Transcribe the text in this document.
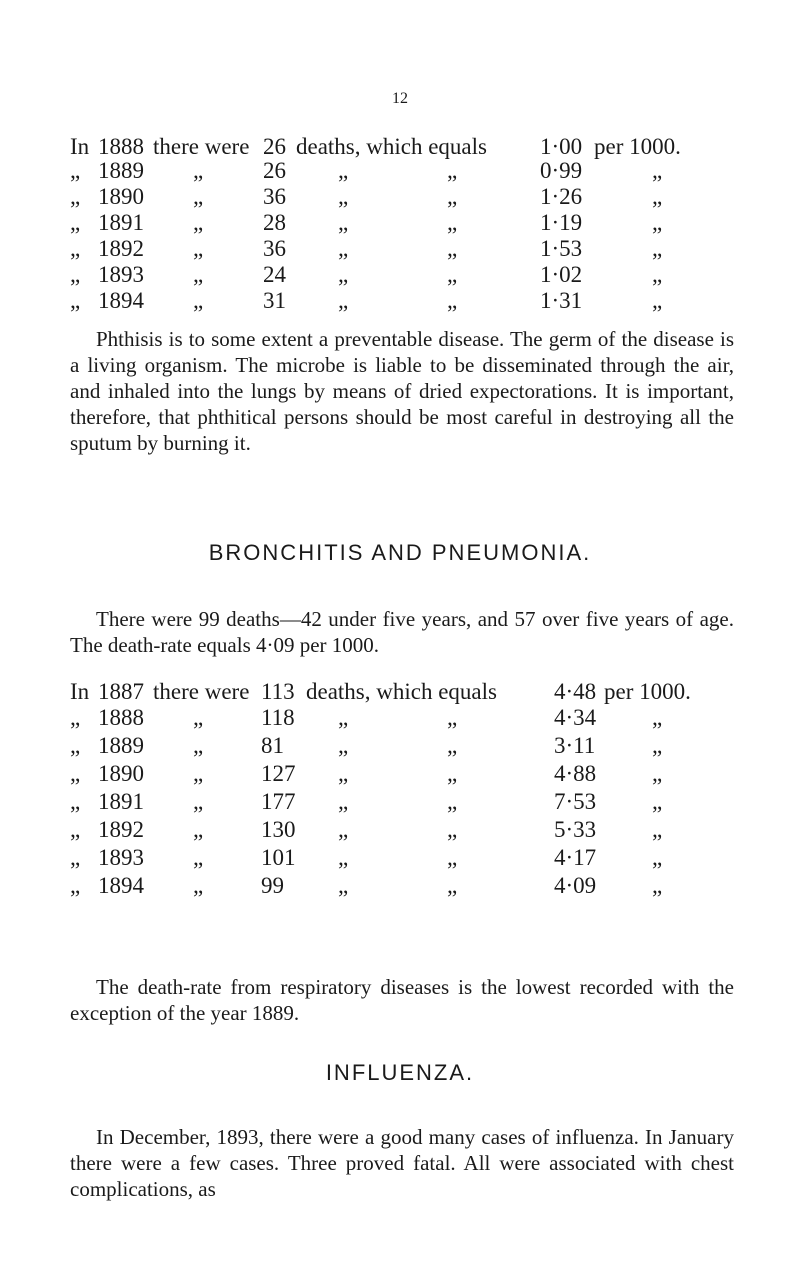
12
In 1888 there were 26 deaths, which equals 1·00 per 1000.
„ 1889 „	26 „	„	0·99	„
„ 1890 „	36 „	„	1·26	„
„ 1891 „	28 „	„	1·19	„
„ 1892 „	36 „	„	1·53	„
„ 1893 „	24 „	„	1·02	„
„ 1894 „	31 „	„	1·31	„

Phthisis is to some extent a preventable disease. The germ of the disease is a living organism. The microbe is liable to be disseminated through the air, and inhaled into the lungs by means of dried expectorations. It is important, therefore, that phthitical persons should be most careful in destroying all the sputum by burning it.

BRONCHITIS AND PNEUMONIA.

There were 99 deaths—42 under five years, and 57 over five years of age. The death-rate equals 4·09 per 1000.

In 1887 there were 113 deaths, which equals 4·48 per 1000.
„ 1888 „	118 „	„	4·34 „
„ 1889 „	81 „	„	3·11 „
„ 1890 „	127 „	„	4·88 „
„ 1891 „	177 „	„	7·53 „
„ 1892 „	130 „	„	5·33 „
„ 1893 „	101 „	„	4·17 „
„ 1894 „	99 „	„	4·09 „

The death-rate from respiratory diseases is the lowest recorded with the exception of the year 1889.

INFLUENZA.

In December, 1893, there were a good many cases of influenza. In January there were a few cases. Three proved fatal. All were associated with chest complications, as
